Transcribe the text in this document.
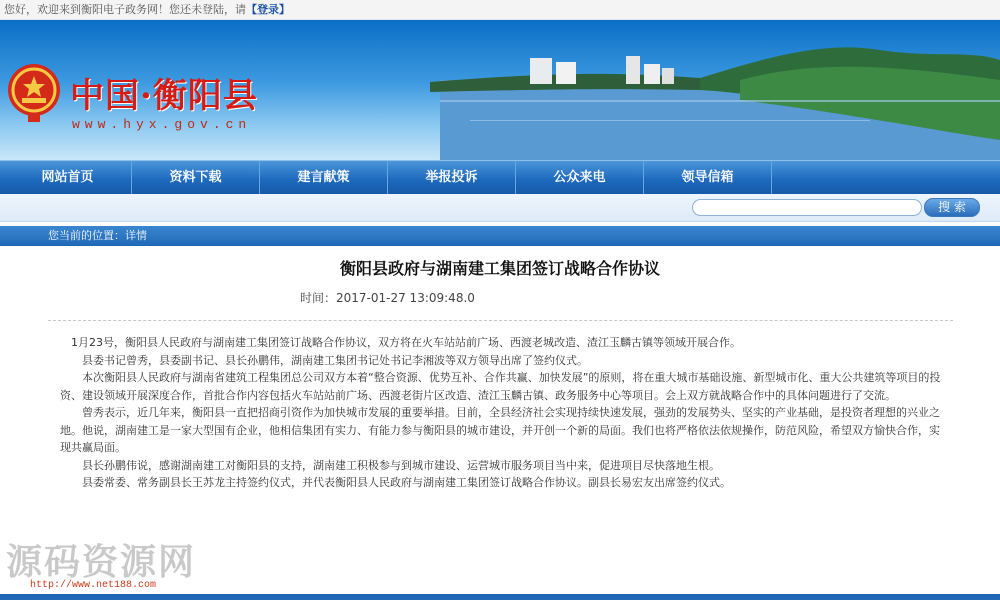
您好，欢迎来到衡阳电子政务网！您还未登陆，请【登录】
中国·衡阳县
www.hyx.gov.cn
网站首页	资料下载	建言献策	举报投诉	公众来电	领导信箱
搜 索
您当前的位置：详情
衡阳县政府与湖南建工集团签订战略合作协议
时间：2017-01-27 13:09:48.0

1月23号，衡阳县人民政府与湖南建工集团签订战略合作协议，双方将在火车站站前广场、西渡老城改造、渣江玉麟古镇等领域开展合作。

县委书记曾秀，县委副书记、县长孙鹏伟，湖南建工集团书记处书记李湘波等双方领导出席了签约仪式。

本次衡阳县人民政府与湖南省建筑工程集团总公司双方本着“整合资源、优势互补、合作共赢、加快发展”的原则，将在重大城市基础设施、新型城市化、重大公共建筑等项目的投资、建设领域开展深度合作，首批合作内容包括火车站站前广场、西渡老街片区改造、渣江玉麟古镇、政务服务中心等项目。会上双方就战略合作中的具体问题进行了交流。

曾秀表示，近几年来，衡阳县一直把招商引资作为加快城市发展的重要举措。目前，全县经济社会实现持续快速发展，强劲的发展势头、坚实的产业基础，是投资者理想的兴业之地。他说，湖南建工是一家大型国有企业，他相信集团有实力、有能力参与衡阳县的城市建设，并开创一个新的局面。我们也将严格依法依规操作，防范风险，希望双方愉快合作，实现共赢局面。

县长孙鹏伟说，感谢湖南建工对衡阳县的支持，湖南建工积极参与到城市建设、运营城市服务项目当中来，促进项目尽快落地生根。

县委常委、常务副县长王苏龙主持签约仪式，并代表衡阳县人民政府与湖南建工集团签订战略合作协议。副县长易宏友出席签约仪式。

源码资源网
http://www.net188.com
